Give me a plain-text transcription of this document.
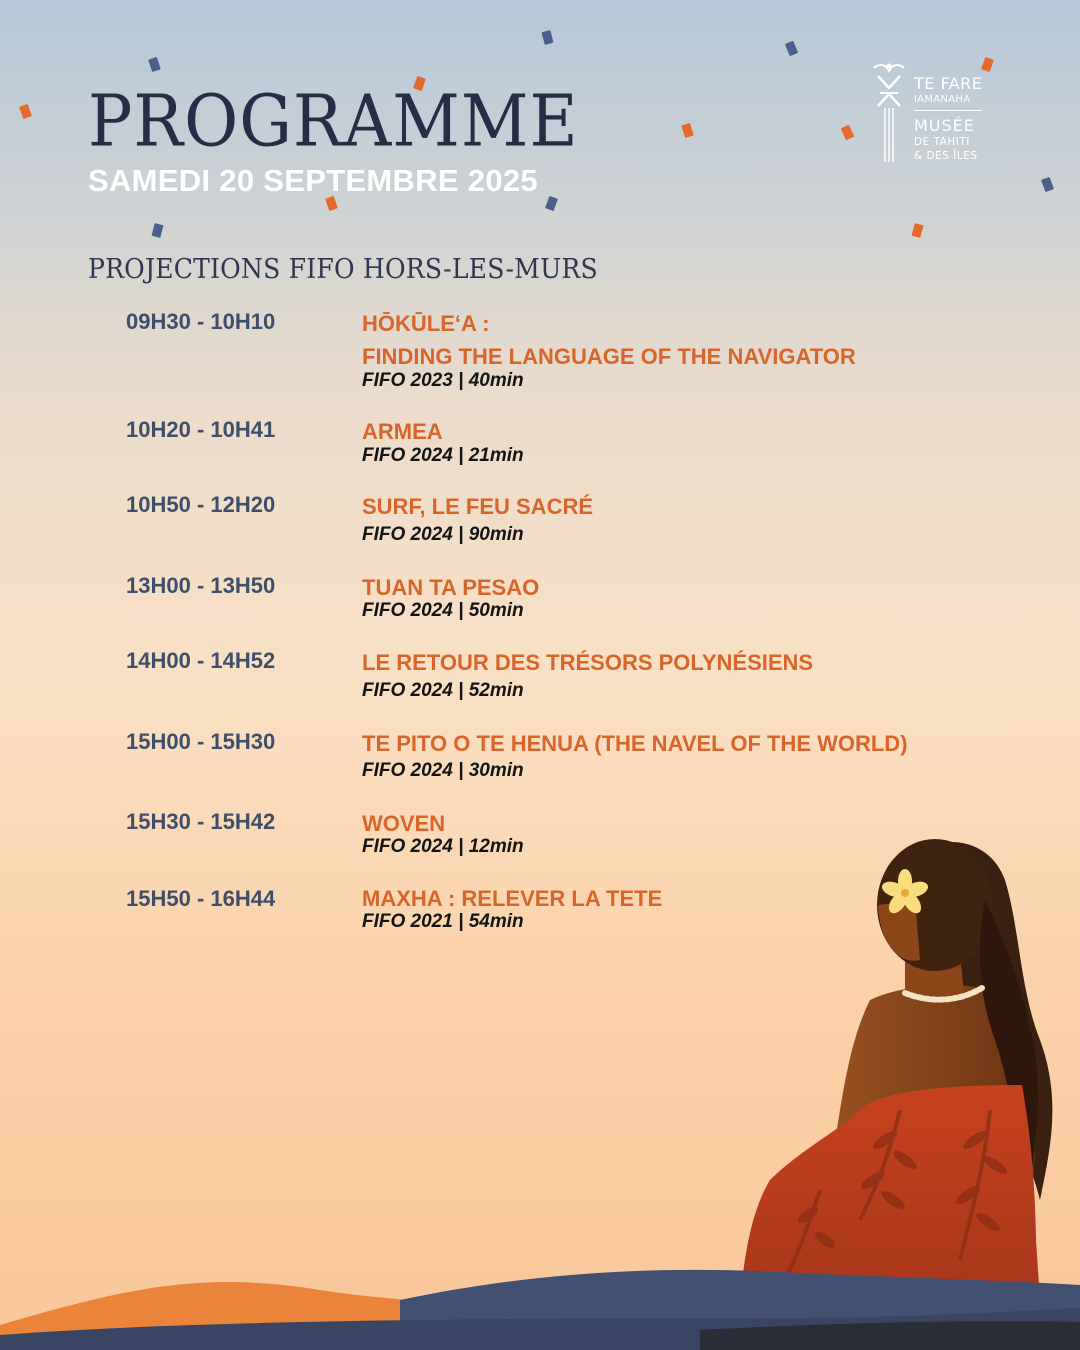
PROGRAMME
SAMEDI 20 SEPTEMBRE 2025
PROJECTIONS FIFO HORS-LES-MURS
TE FARE
IAMANAHA
MUSÉE
DE TAHITI
& DES ÎLES
09H30 - 10H10	HŌKŪLE‘A :
FINDING THE LANGUAGE OF THE NAVIGATOR
FIFO 2023 | 40min
10H20 - 10H41	ARMEA
FIFO 2024 | 21min
10H50 - 12H20	SURF, LE FEU SACRÉ
FIFO 2024 | 90min
13H00 - 13H50	TUAN TA PESAO
FIFO 2024 | 50min
14H00 - 14H52	LE RETOUR DES TRÉSORS POLYNÉSIENS
FIFO 2024 | 52min
15H00 - 15H30	TE PITO O TE HENUA (THE NAVEL OF THE WORLD)
FIFO 2024 | 30min
15H30 - 15H42	WOVEN
FIFO 2024 | 12min
15H50 - 16H44	MAXHA : RELEVER LA TETE
FIFO 2021 | 54min
